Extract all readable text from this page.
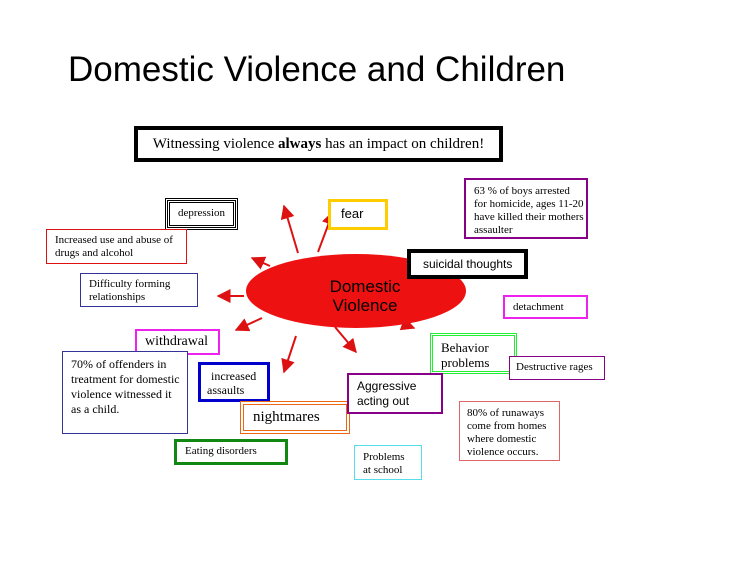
Domestic Violence and Children
Witnessing violence always has an impact on children!
Domestic
Violence
depression
Increased use and abuse of drugs and alcohol
Difficulty forming relationships
withdrawal
70% of offenders in treatment for domestic violence witnessed it as a child.
increased assaults
nightmares
Eating disorders
fear
63 % of boys arrested for homicide, ages 11-20 have killed their mothers assaulter
suicidal thoughts
detachment
Behavior problems	Destructive rages
Aggressive acting out
80% of runaways come from homes where domestic violence occurs.
Problems at school
